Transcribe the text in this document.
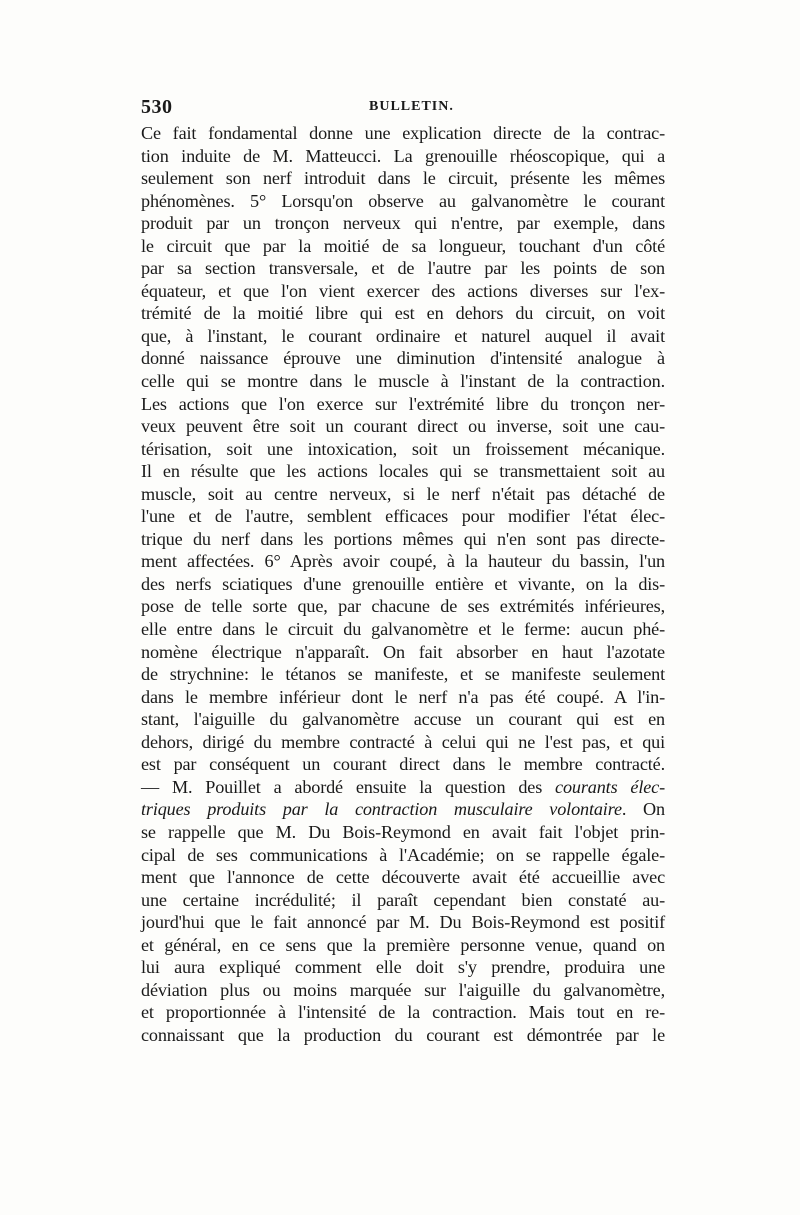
530	BULLETIN.
Ce fait fondamental donne une explication directe de la contrac-
tion induite de M. Matteucci. La grenouille rhéoscopique, qui a
seulement son nerf introduit dans le circuit, présente les mêmes
phénomènes. 5° Lorsqu'on observe au galvanomètre le courant
produit par un tronçon nerveux qui n'entre, par exemple, dans
le circuit que par la moitié de sa longueur, touchant d'un côté
par sa section transversale, et de l'autre par les points de son
équateur, et que l'on vient exercer des actions diverses sur l'ex-
trémité de la moitié libre qui est en dehors du circuit, on voit
que, à l'instant, le courant ordinaire et naturel auquel il avait
donné naissance éprouve une diminution d'intensité analogue à
celle qui se montre dans le muscle à l'instant de la contraction.
Les actions que l'on exerce sur l'extrémité libre du tronçon ner-
veux peuvent être soit un courant direct ou inverse, soit une cau-
térisation, soit une intoxication, soit un froissement mécanique.
Il en résulte que les actions locales qui se transmettaient soit au
muscle, soit au centre nerveux, si le nerf n'était pas détaché de
l'une et de l'autre, semblent efficaces pour modifier l'état élec-
trique du nerf dans les portions mêmes qui n'en sont pas directe-
ment affectées. 6° Après avoir coupé, à la hauteur du bassin, l'un
des nerfs sciatiques d'une grenouille entière et vivante, on la dis-
pose de telle sorte que, par chacune de ses extrémités inférieures,
elle entre dans le circuit du galvanomètre et le ferme: aucun phé-
nomène électrique n'apparaît. On fait absorber en haut l'azotate
de strychnine: le tétanos se manifeste, et se manifeste seulement
dans le membre inférieur dont le nerf n'a pas été coupé. A l'in-
stant, l'aiguille du galvanomètre accuse un courant qui est en
dehors, dirigé du membre contracté à celui qui ne l'est pas, et qui
est par conséquent un courant direct dans le membre contracté.
— M. Pouillet a abordé ensuite la question des courants élec-
triques produits par la contraction musculaire volontaire. On
se rappelle que M. Du Bois-Reymond en avait fait l'objet prin-
cipal de ses communications à l'Académie; on se rappelle égale-
ment que l'annonce de cette découverte avait été accueillie avec
une certaine incrédulité; il paraît cependant bien constaté au-
jourd'hui que le fait annoncé par M. Du Bois-Reymond est positif
et général, en ce sens que la première personne venue, quand on
lui aura expliqué comment elle doit s'y prendre, produira une
déviation plus ou moins marquée sur l'aiguille du galvanomètre,
et proportionnée à l'intensité de la contraction. Mais tout en re-
connaissant que la production du courant est démontrée par le
